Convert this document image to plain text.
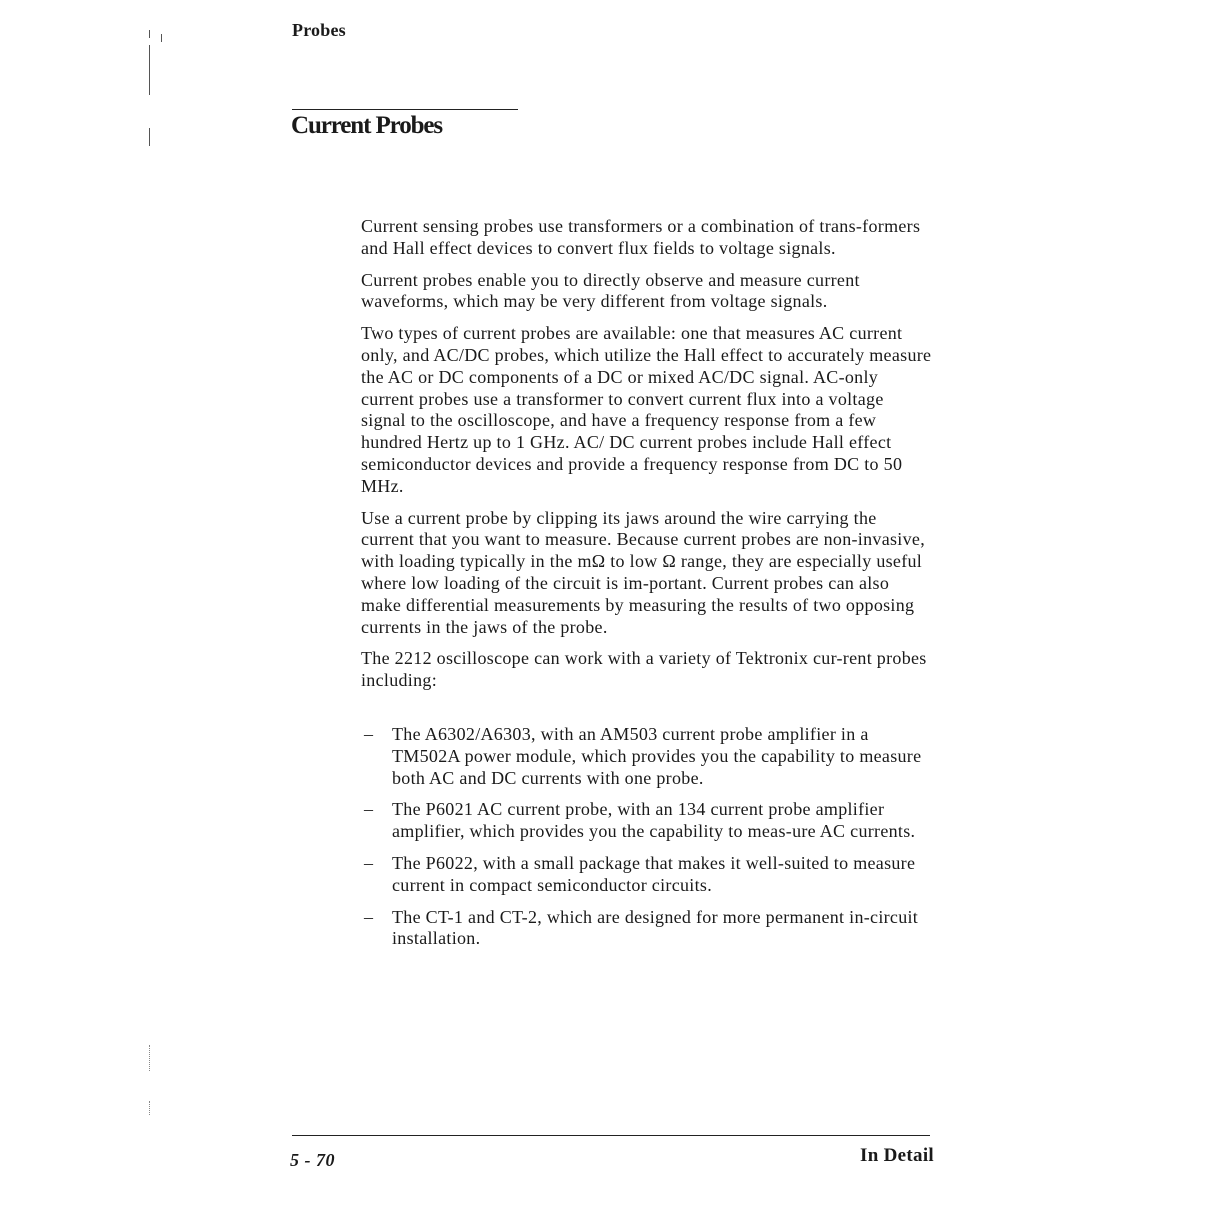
Probes
Current Probes

Current sensing probes use transformers or a combination of trans-formers and Hall effect devices to convert flux fields to voltage signals.

Current probes enable you to directly observe and measure current waveforms, which may be very different from voltage signals.

Two types of current probes are available: one that measures AC current only, and AC/DC probes, which utilize the Hall effect to accurately measure the AC or DC components of a DC or mixed AC/DC signal. AC-only current probes use a transformer to convert current flux into a voltage signal to the oscilloscope, and have a frequency response from a few hundred Hertz up to 1 GHz. AC/ DC current probes include Hall effect semiconductor devices and provide a frequency response from DC to 50 MHz.

Use a current probe by clipping its jaws around the wire carrying the current that you want to measure. Because current probes are non-invasive, with loading typically in the mΩ to low Ω range, they are especially useful where low loading of the circuit is im-portant. Current probes can also make differential measurements by measuring the results of two opposing currents in the jaws of the probe.

The 2212 oscilloscope can work with a variety of Tektronix cur-rent probes including:

– The A6302/A6303, with an AM503 current probe amplifier in a TM502A power module, which provides you the capability to measure both AC and DC currents with one probe.
– The P6021 AC current probe, with an 134 current probe amplifier amplifier, which provides you the capability to meas-ure AC currents.
– The P6022, with a small package that makes it well-suited to measure current in compact semiconductor circuits.
– The CT-1 and CT-2, which are designed for more permanent in-circuit installation.
5 - 70	In Detail
